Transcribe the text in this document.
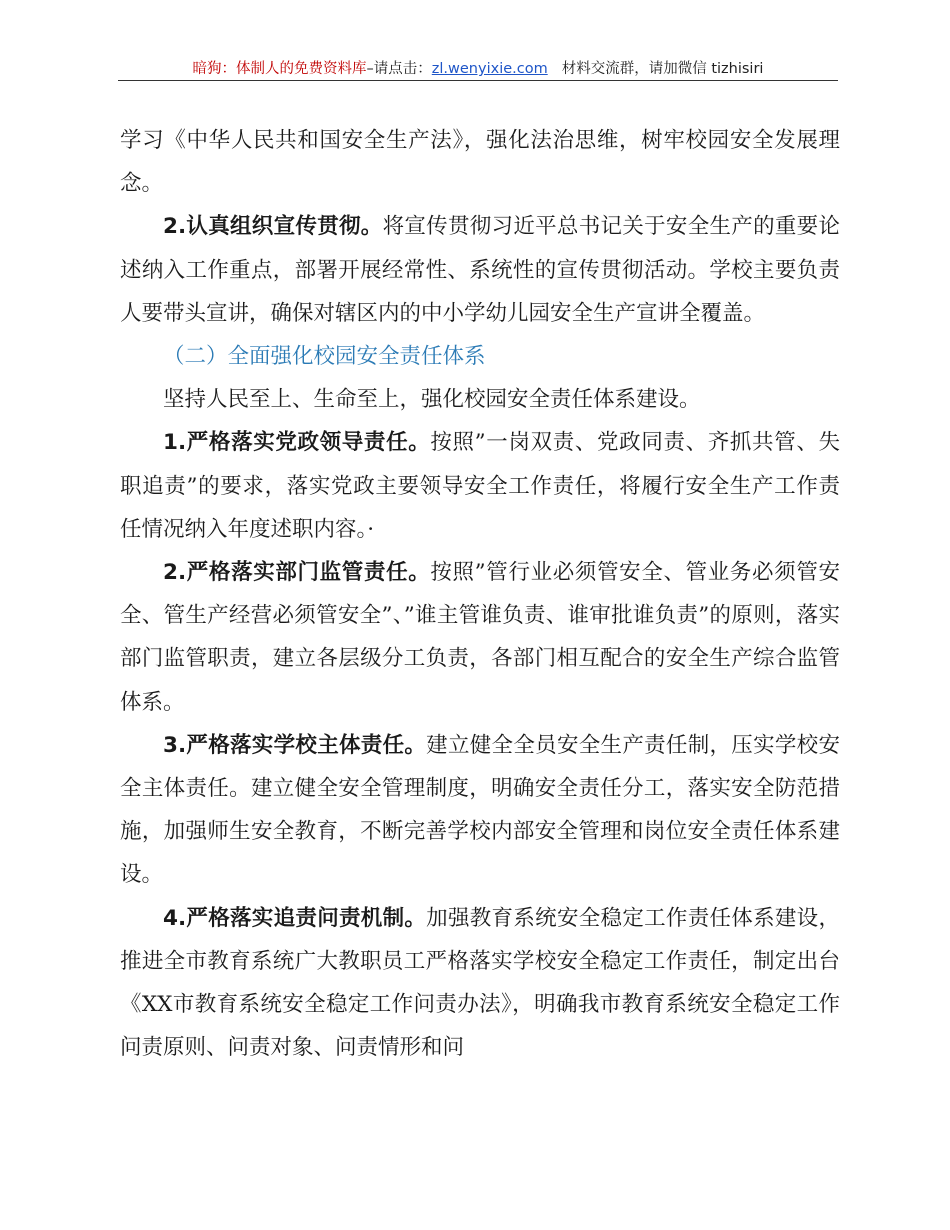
暗狗：体制人的免费资料库–请点击：zl.wenyixie.com 材料交流群，请加微信 tizhisiri

学习《中华人民共和国安全生产法》，强化法治思维，树牢校园安全发展理念。

2.认真组织宣传贯彻。将宣传贯彻习近平总书记关于安全生产的重要论述纳入工作重点，部署开展经常性、系统性的宣传贯彻活动。学校主要负责人要带头宣讲，确保对辖区内的中小学幼儿园安全生产宣讲全覆盖。

（二）全面强化校园安全责任体系

坚持人民至上、生命至上，强化校园安全责任体系建设。

1.严格落实党政领导责任。按照”一岗双责、党政同责、齐抓共管、失职追责”的要求，落实党政主要领导安全工作责任，将履行安全生产工作责任情况纳入年度述职内容。·

2.严格落实部门监管责任。按照”管行业必须管安全、管业务必须管安全、管生产经营必须管安全”、”谁主管谁负责、谁审批谁负责”的原则，落实部门监管职责，建立各层级分工负责，各部门相互配合的安全生产综合监管体系。

3.严格落实学校主体责任。建立健全全员安全生产责任制，压实学校安全主体责任。建立健全安全管理制度，明确安全责任分工，落实安全防范措施，加强师生安全教育，不断完善学校内部安全管理和岗位安全责任体系建设。

4.严格落实追责问责机制。加强教育系统安全稳定工作责任体系建设，推进全市教育系统广大教职员工严格落实学校安全稳定工作责任，制定出台《XX市教育系统安全稳定工作问责办法》，明确我市教育系统安全稳定工作问责原则、问责对象、问责情形和问
